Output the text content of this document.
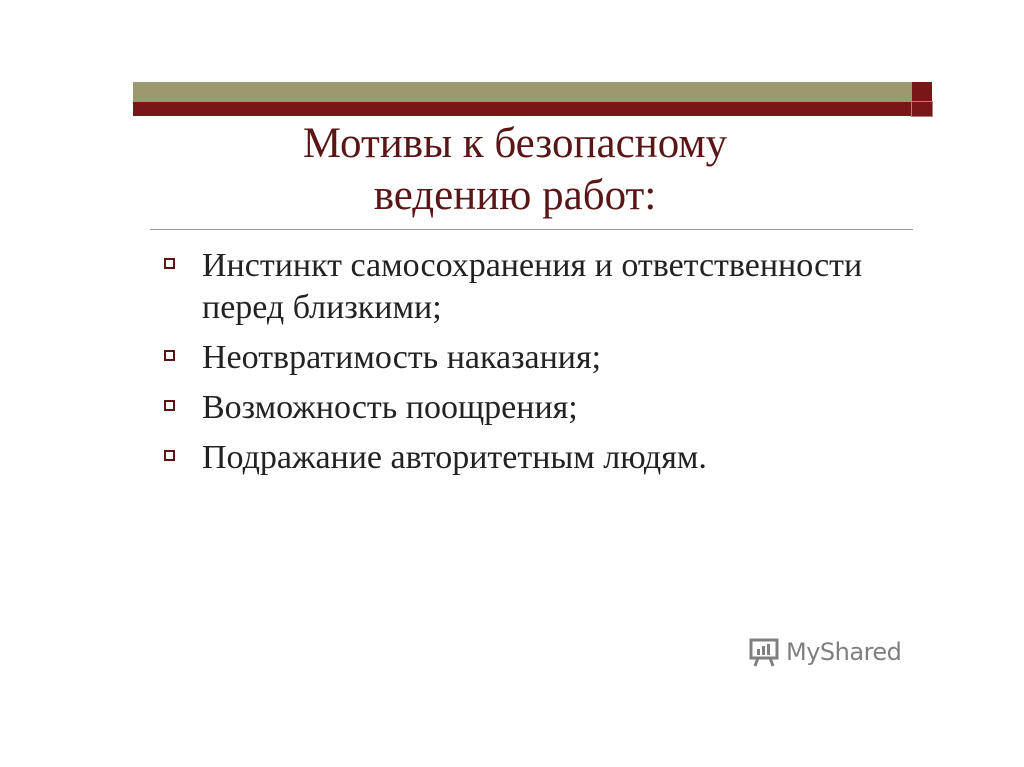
Мотивы к безопасному
ведению работ:
Инстинкт самосохранения и ответственности перед близкими;
Неотвратимость наказания;
Возможность поощрения;
Подражание авторитетным людям.
MyShared
